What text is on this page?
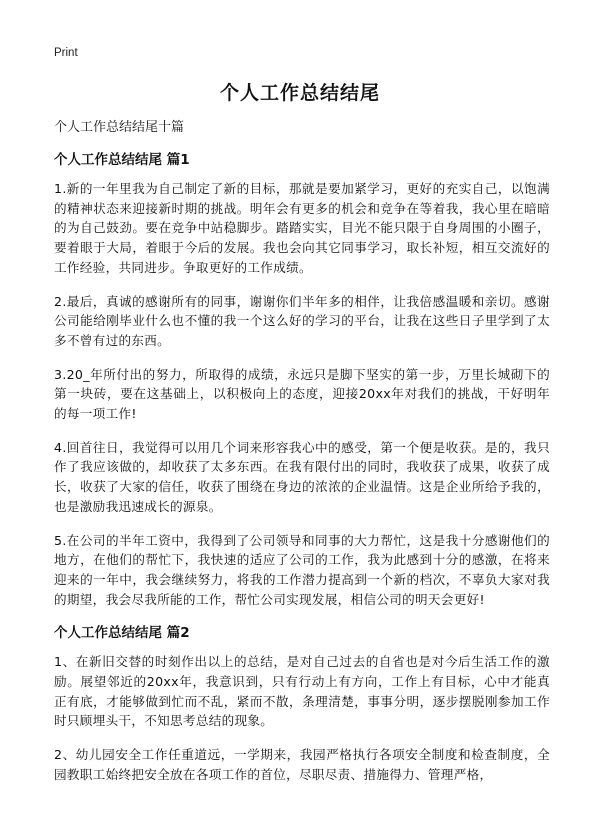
Print
个人工作总结结尾
个人工作总结结尾十篇
个人工作总结结尾 篇1

1.新的一年里我为自己制定了新的目标，那就是要加紧学习，更好的充实自己，以饱满的精神状态来迎接新时期的挑战。明年会有更多的机会和竞争在等着我，我心里在暗暗的为自己鼓劲。要在竞争中站稳脚步。踏踏实实，目光不能只限于自身周围的小圈子，要着眼于大局，着眼于今后的发展。我也会向其它同事学习，取长补短，相互交流好的工作经验，共同进步。争取更好的工作成绩。

2.最后，真诚的感谢所有的同事，谢谢你们半年多的相伴，让我倍感温暖和亲切。感谢公司能给刚毕业什么也不懂的我一个这么好的学习的平台，让我在这些日子里学到了太多不曾有过的东西。

3.20_年所付出的努力，所取得的成绩，永远只是脚下坚实的第一步，万里长城砌下的第一块砖，要在这基础上，以积极向上的态度，迎接20xx年对我们的挑战，干好明年的每一项工作!

4.回首往日，我觉得可以用几个词来形容我心中的感受，第一个便是收获。是的，我只作了我应该做的，却收获了太多东西。在我有限付出的同时，我收获了成果，收获了成长，收获了大家的信任，收获了围绕在身边的浓浓的企业温情。这是企业所给予我的，也是激励我迅速成长的源泉。

5.在公司的半年工资中，我得到了公司领导和同事的大力帮忙，这是我十分感谢他们的地方，在他们的帮忙下，我快速的适应了公司的工作，我为此感到十分的感激，在将来迎来的一年中，我会继续努力，将我的工作潜力提高到一个新的档次，不辜负大家对我的期望，我会尽我所能的工作，帮忙公司实现发展，相信公司的明天会更好!

个人工作总结结尾 篇2

1、在新旧交替的时刻作出以上的总结，是对自己过去的自省也是对今后生活工作的激励。展望邻近的20xx年，我意识到，只有行动上有方向，工作上有目标，心中才能真正有底，才能够做到忙而不乱，紧而不散，条理清楚，事事分明，逐步摆脱刚参加工作时只顾埋头干，不知思考总结的现象。

2、幼儿园安全工作任重道远，一学期来，我园严格执行各项安全制度和检查制度，全园教职工始终把安全放在各项工作的首位，尽职尽责、措施得力、管理严格，
